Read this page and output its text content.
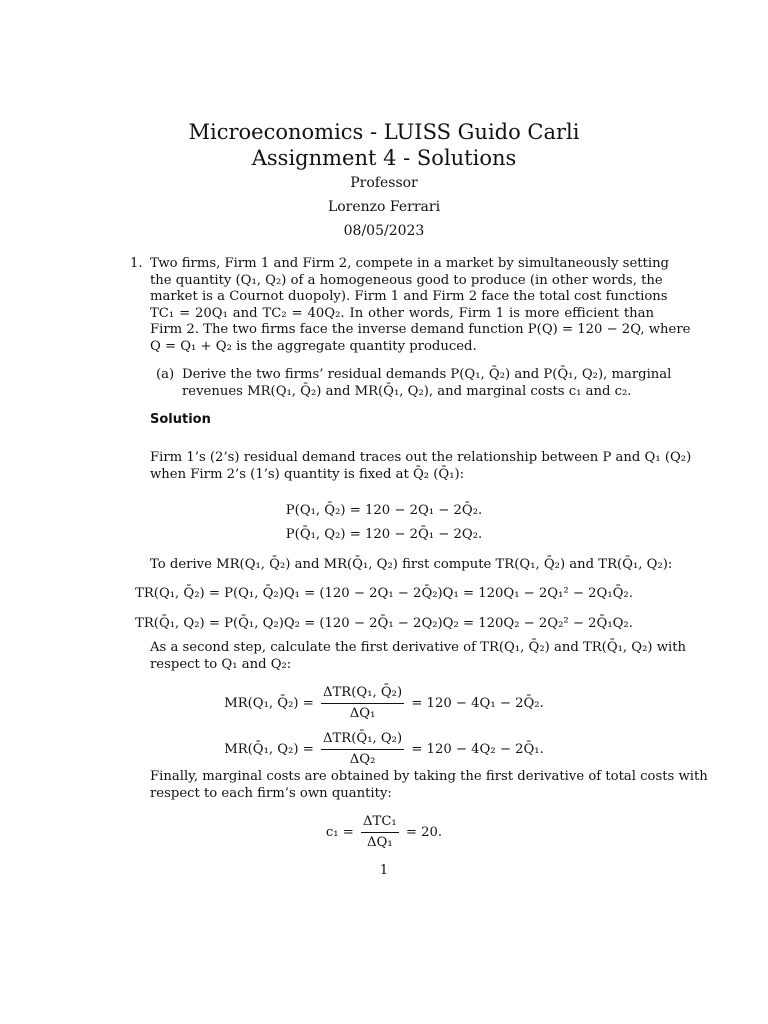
Microeconomics - LUISS Guido Carli
Assignment 4 - Solutions
Professor
Lorenzo Ferrari
08/05/2023
1. Two firms, Firm 1 and Firm 2, compete in a market by simultaneously setting
the quantity (Q₁, Q₂) of a homogeneous good to produce (in other words, the
market is a Cournot duopoly). Firm 1 and Firm 2 face the total cost functions
TC₁ = 20Q₁ and TC₂ = 40Q₂. In other words, Firm 1 is more efficient than
Firm 2. The two firms face the inverse demand function P(Q) = 120 − 2Q, where
Q = Q₁ + Q₂ is the aggregate quantity produced.
(a) Derive the two firms’ residual demands P(Q₁, Q̄₂) and P(Q̄₁, Q₂), marginal
revenues MR(Q₁, Q̄₂) and MR(Q̄₁, Q₂), and marginal costs c₁ and c₂.
Solution
Firm 1’s (2’s) residual demand traces out the relationship between P and Q₁ (Q₂)
when Firm 2’s (1’s) quantity is fixed at Q̄₂ (Q̄₁):
P(Q₁, Q̄₂) = 120 − 2Q₁ − 2Q̄₂.
P(Q̄₁, Q₂) = 120 − 2Q̄₁ − 2Q₂.
To derive MR(Q₁, Q̄₂) and MR(Q̄₁, Q₂) first compute TR(Q₁, Q̄₂) and TR(Q̄₁, Q₂):
TR(Q₁, Q̄₂) = P(Q₁, Q̄₂)Q₁ = (120 − 2Q₁ − 2Q̄₂)Q₁ = 120Q₁ − 2Q₁² − 2Q₁Q̄₂.
TR(Q̄₁, Q₂) = P(Q̄₁, Q₂)Q₂ = (120 − 2Q̄₁ − 2Q₂)Q₂ = 120Q₂ − 2Q₂² − 2Q̄₁Q₂.
As a second step, calculate the first derivative of TR(Q₁, Q̄₂) and TR(Q̄₁, Q₂) with
respect to Q₁ and Q₂:
MR(Q₁, Q̄₂) = $\frac{\text{ΔTR(Q₁, Q̄₂)}}{\text{ΔQ₁}} = 120 - 4Q_1$ − 2Q̄₂.
MR(Q̄₁, $Q_2) = \frac{\text{ΔTR(Q̄₁, Q₂)}}{\text{ΔQ₂}} = 120 - 4Q_2$ − 2Q̄₁.
Finally, marginal costs are obtained by taking the first derivative of total costs with
respect to each firm’s own quantity:
$c_1 = \frac{\text{ΔTC₁}}{\text{ΔQ₁}} = 20$.
1
